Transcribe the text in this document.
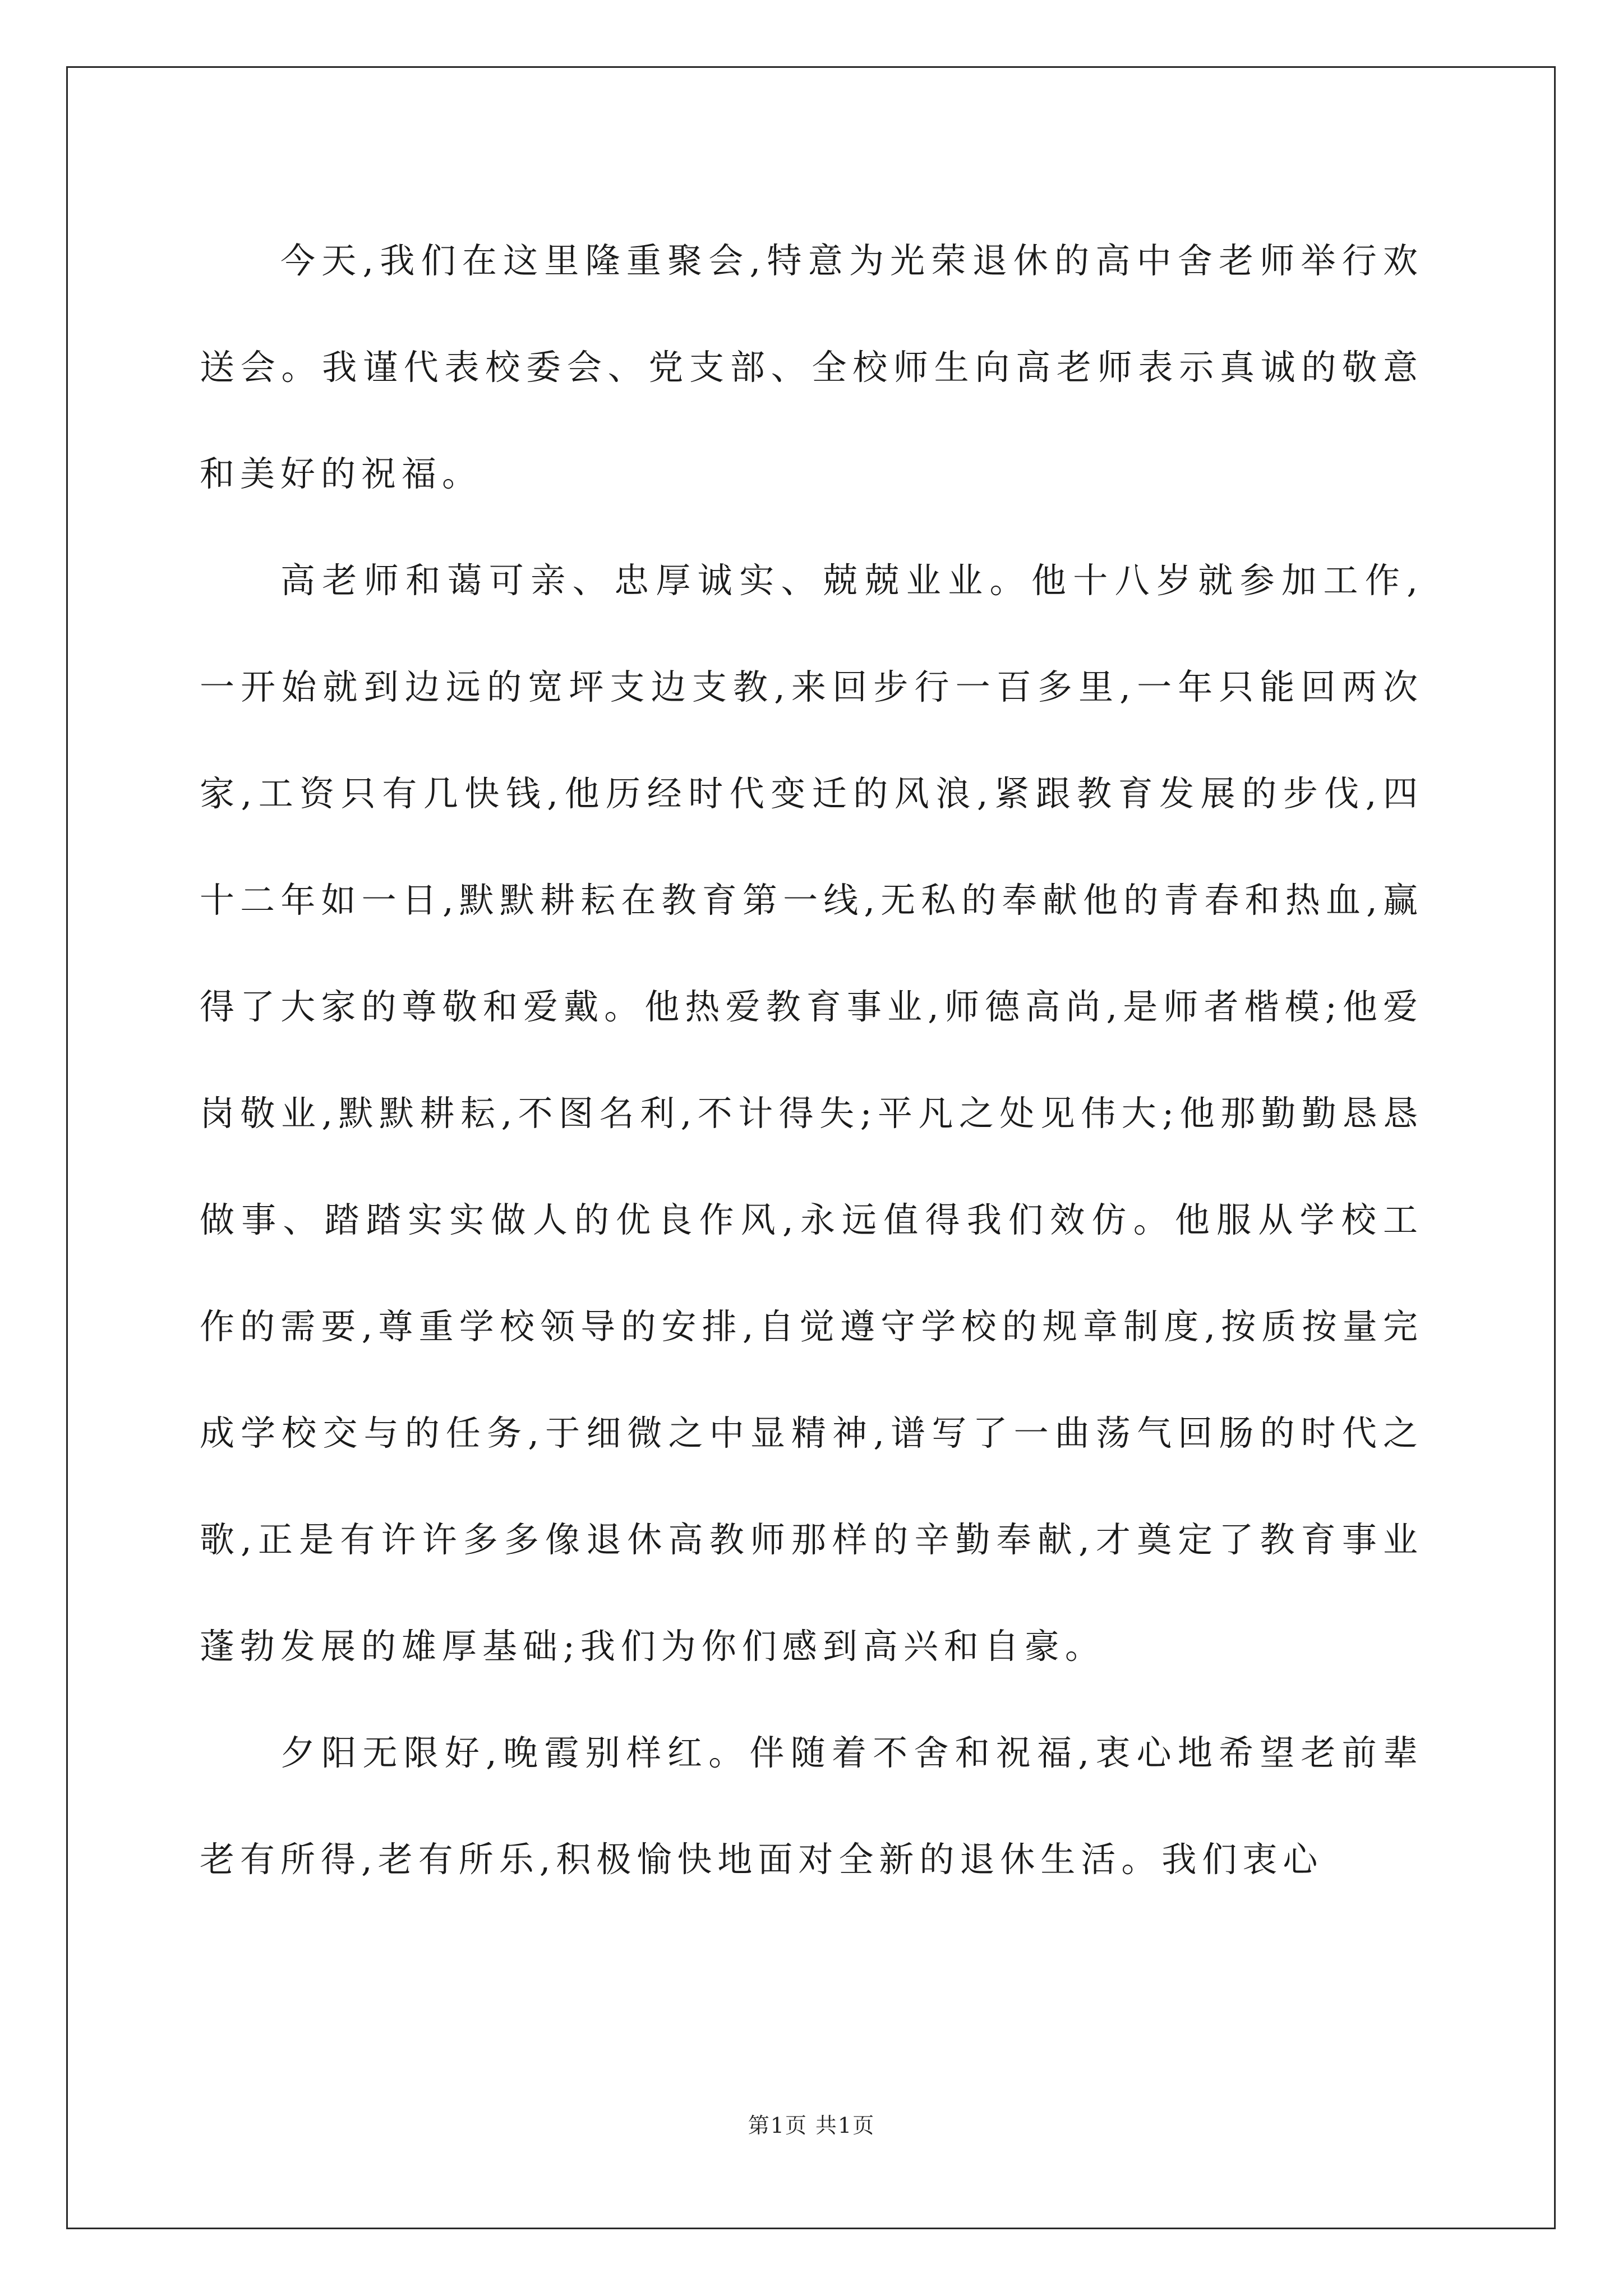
今天,我们在这里隆重聚会,特意为光荣退休的高中舍老师举行欢送会。我谨代表校委会、党支部、全校师生向高老师表示真诚的敬意和美好的祝福。

高老师和蔼可亲、忠厚诚实、兢兢业业。他十八岁就参加工作,一开始就到边远的宽坪支边支教,来回步行一百多里,一年只能回两次家,工资只有几快钱,他历经时代变迁的风浪,紧跟教育发展的步伐,四十二年如一日,默默耕耘在教育第一线,无私的奉献他的青春和热血,赢得了大家的尊敬和爱戴。他热爱教育事业,师德高尚,是师者楷模;他爱岗敬业,默默耕耘,不图名利,不计得失;平凡之处见伟大;他那勤勤恳恳做事、踏踏实实做人的优良作风,永远值得我们效仿。他服从学校工作的需要,尊重学校领导的安排,自觉遵守学校的规章制度,按质按量完成学校交与的任务,于细微之中显精神,谱写了一曲荡气回肠的时代之歌,正是有许许多多像退休高教师那样的辛勤奉献,才奠定了教育事业蓬勃发展的雄厚基础;我们为你们感到高兴和自豪。

夕阳无限好,晚霞别样红。伴随着不舍和祝福,衷心地希望老前辈老有所得,老有所乐,积极愉快地面对全新的退休生活。我们衷心

第1页 共1页
